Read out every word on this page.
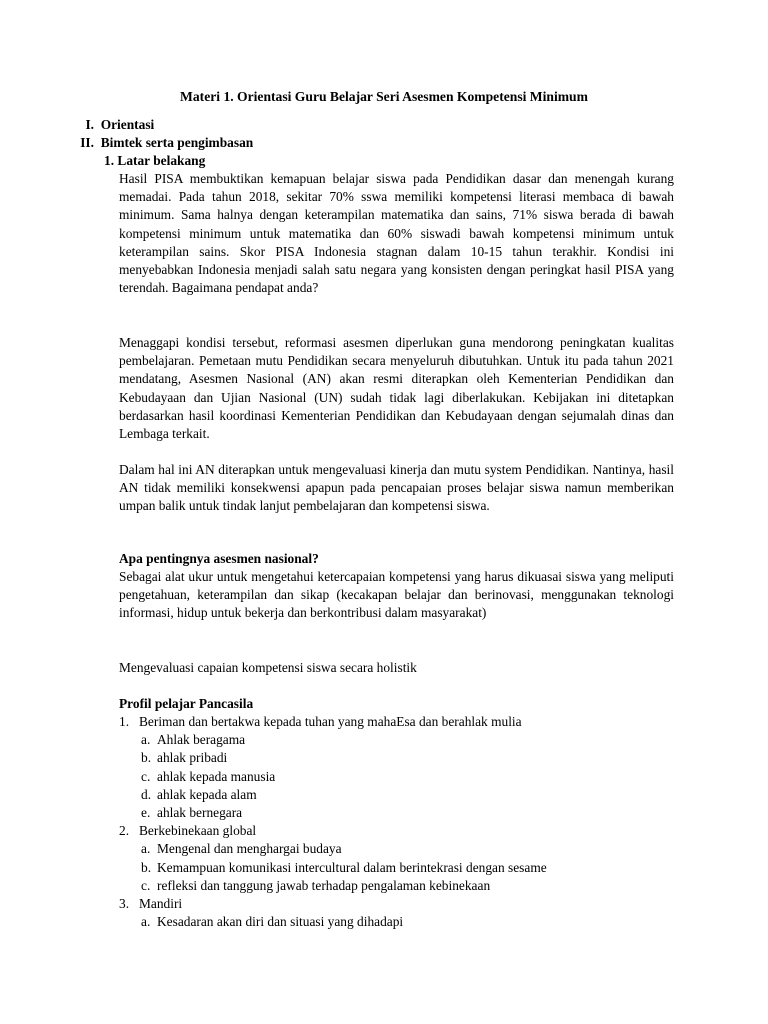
Materi 1. Orientasi Guru Belajar Seri Asesmen Kompetensi Minimum
I. Orientasi
II. Bimtek serta pengimbasan
1. Latar belakang

Hasil PISA membuktikan kemapuan belajar siswa pada Pendidikan dasar dan menengah kurang memadai. Pada tahun 2018, sekitar 70% sswa memiliki kompetensi literasi membaca di bawah minimum. Sama halnya dengan keterampilan matematika dan sains, 71% siswa berada di bawah kompetensi minimum untuk matematika dan 60% siswadi bawah kompetensi minimum untuk keterampilan sains. Skor PISA Indonesia stagnan dalam 10-15 tahun terakhir. Kondisi ini menyebabkan Indonesia menjadi salah satu negara yang konsisten dengan peringkat hasil PISA yang terendah. Bagaimana pendapat anda?

Menaggapi kondisi tersebut, reformasi asesmen diperlukan guna mendorong peningkatan kualitas pembelajaran. Pemetaan mutu Pendidikan secara menyeluruh dibutuhkan. Untuk itu pada tahun 2021 mendatang, Asesmen Nasional (AN) akan resmi diterapkan oleh Kementerian Pendidikan dan Kebudayaan dan Ujian Nasional (UN) sudah tidak lagi diberlakukan. Kebijakan ini ditetapkan berdasarkan hasil koordinasi Kementerian Pendidikan dan Kebudayaan dengan sejumalah dinas dan Lembaga terkait.

Dalam hal ini AN diterapkan untuk mengevaluasi kinerja dan mutu system Pendidikan. Nantinya, hasil AN tidak memiliki konsekwensi apapun pada pencapaian proses belajar siswa namun memberikan umpan balik untuk tindak lanjut pembelajaran dan kompetensi siswa.

Apa pentingnya asesmen nasional?

Sebagai alat ukur untuk mengetahui ketercapaian kompetensi yang harus dikuasai siswa yang meliputi pengetahuan, keterampilan dan sikap (kecakapan belajar dan berinovasi, menggunakan teknologi informasi, hidup untuk bekerja dan berkontribusi dalam masyarakat)

Mengevaluasi capaian kompetensi siswa secara holistik

Profil pelajar Pancasila
1. Beriman dan bertakwa kepada tuhan yang mahaEsa dan berahlak mulia
a. Ahlak beragama
b. ahlak pribadi
c. ahlak kepada manusia
d. ahlak kepada alam
e. ahlak bernegara
2. Berkebinekaan global
a. Mengenal dan menghargai budaya
b. Kemampuan komunikasi intercultural dalam berintekrasi dengan sesame
c. refleksi dan tanggung jawab terhadap pengalaman kebinekaan
3. Mandiri
a. Kesadaran akan diri dan situasi yang dihadapi
